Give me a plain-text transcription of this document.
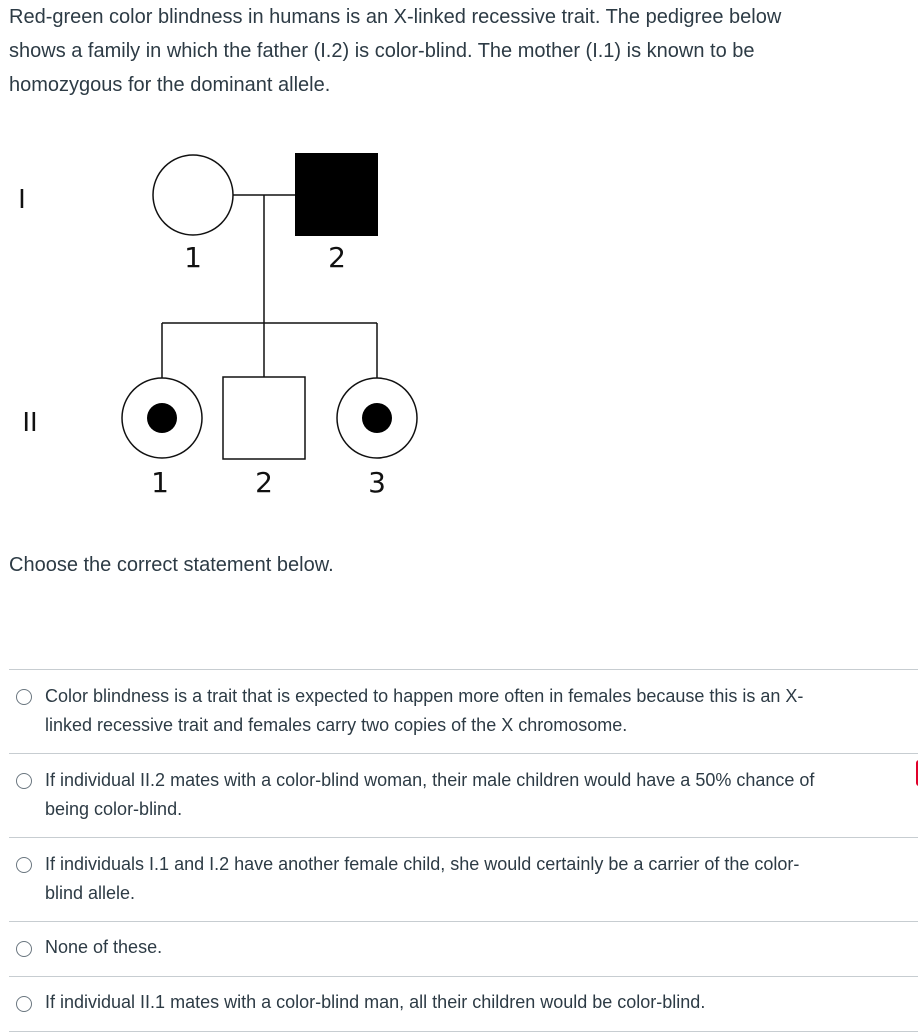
Red-green color blindness in humans is an X-linked recessive trait. The pedigree below
shows a family in which the father (I.2) is color-blind. The mother (I.1) is known to be
homozygous for the dominant allele.
I
II
1	2
1	2	3

Choose the correct statement below.

Color blindness is a trait that is expected to happen more often in females because this is an X-
linked recessive trait and females carry two copies of the X chromosome.
If individual II.2 mates with a color-blind woman, their male children would have a 50% chance of
being color-blind.
If individuals I.1 and I.2 have another female child, she would certainly be a carrier of the color-
blind allele.
None of these.
If individual II.1 mates with a color-blind man, all their children would be color-blind.
